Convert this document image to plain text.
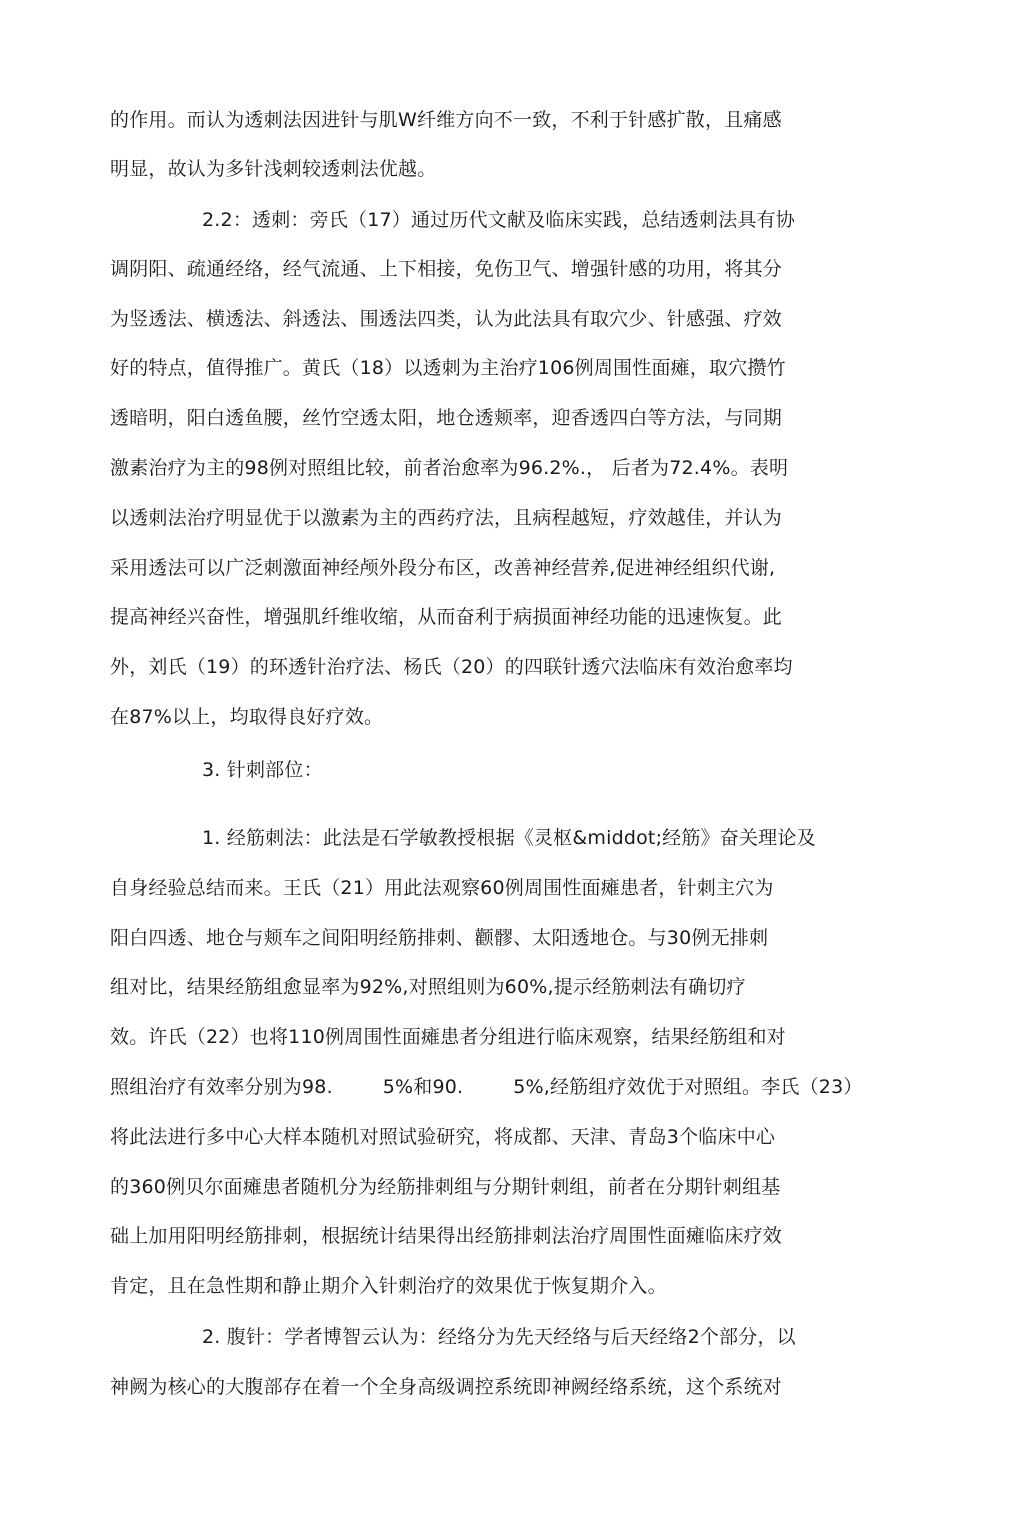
的作用。而认为透刺法因进针与肌W纤维方向不一致，不利于针感扩散，且痛感
明显，故认为多针浅刺较透刺法优越。
2.2：透刺：旁氏（17）通过历代文献及临床实践，总结透刺法具有协
调阴阳、疏通经络，经气流通、上下相接，免伤卫气、增强针感的功用，将其分
为竖透法、横透法、斜透法、围透法四类，认为此法具有取穴少、针感强、疗效
好的特点，值得推广。黄氏（18）以透刺为主治疗106例周围性面瘫，取穴攒竹
透暗明，阳白透鱼腰，丝竹空透太阳，地仓透颊率，迎香透四白等方法，与同期
激素治疗为主的98例对照组比较，前者治愈率为96.2%.， 后者为72.4%。表明
以透刺法治疗明显优于以激素为主的西药疗法，且病程越短，疗效越佳，并认为
采用透法可以广泛刺激面神经颅外段分布区，改善神经营养,促进神经组织代谢,
提高神经兴奋性，增强肌纤维收缩，从而奋利于病损面神经功能的迅速恢复。此
外，刘氏（19）的环透针治疗法、杨氏（20）的四联针透穴法临床有效治愈率均
在87%以上，均取得良好疗效。
3. 针刺部位：
1. 经筋刺法：此法是石学敏教授根据《灵枢&middot;经筋》奋关理论及
自身经验总结而来。王氏（21）用此法观察60例周围性面瘫患者，针刺主穴为
阳白四透、地仓与颊车之间阳明经筋排刺、颧髎、太阳透地仓。与30例无排刺
组对比，结果经筋组愈显率为92%,对照组则为60%,提示经筋刺法有确切疗
效。许氏（22）也将110例周围性面瘫患者分组进行临床观察，结果经筋组和对
照组治疗有效率分别为98.        5%和90.        5%,经筋组疗效优于对照组。李氏（23）
将此法进行多中心大样本随机对照试验研究，将成都、天津、青岛3个临床中心
的360例贝尔面瘫患者随机分为经筋排刺组与分期针刺组，前者在分期针刺组基
础上加用阳明经筋排刺，根据统计结果得出经筋排刺法治疗周围性面瘫临床疗效
肯定，且在急性期和静止期介入针刺治疗的效果优于恢复期介入。
2. 腹针：学者博智云认为：经络分为先天经络与后天经络2个部分，以
神阙为核心的大腹部存在着一个全身高级调控系统即神阙经络系统，这个系统对
